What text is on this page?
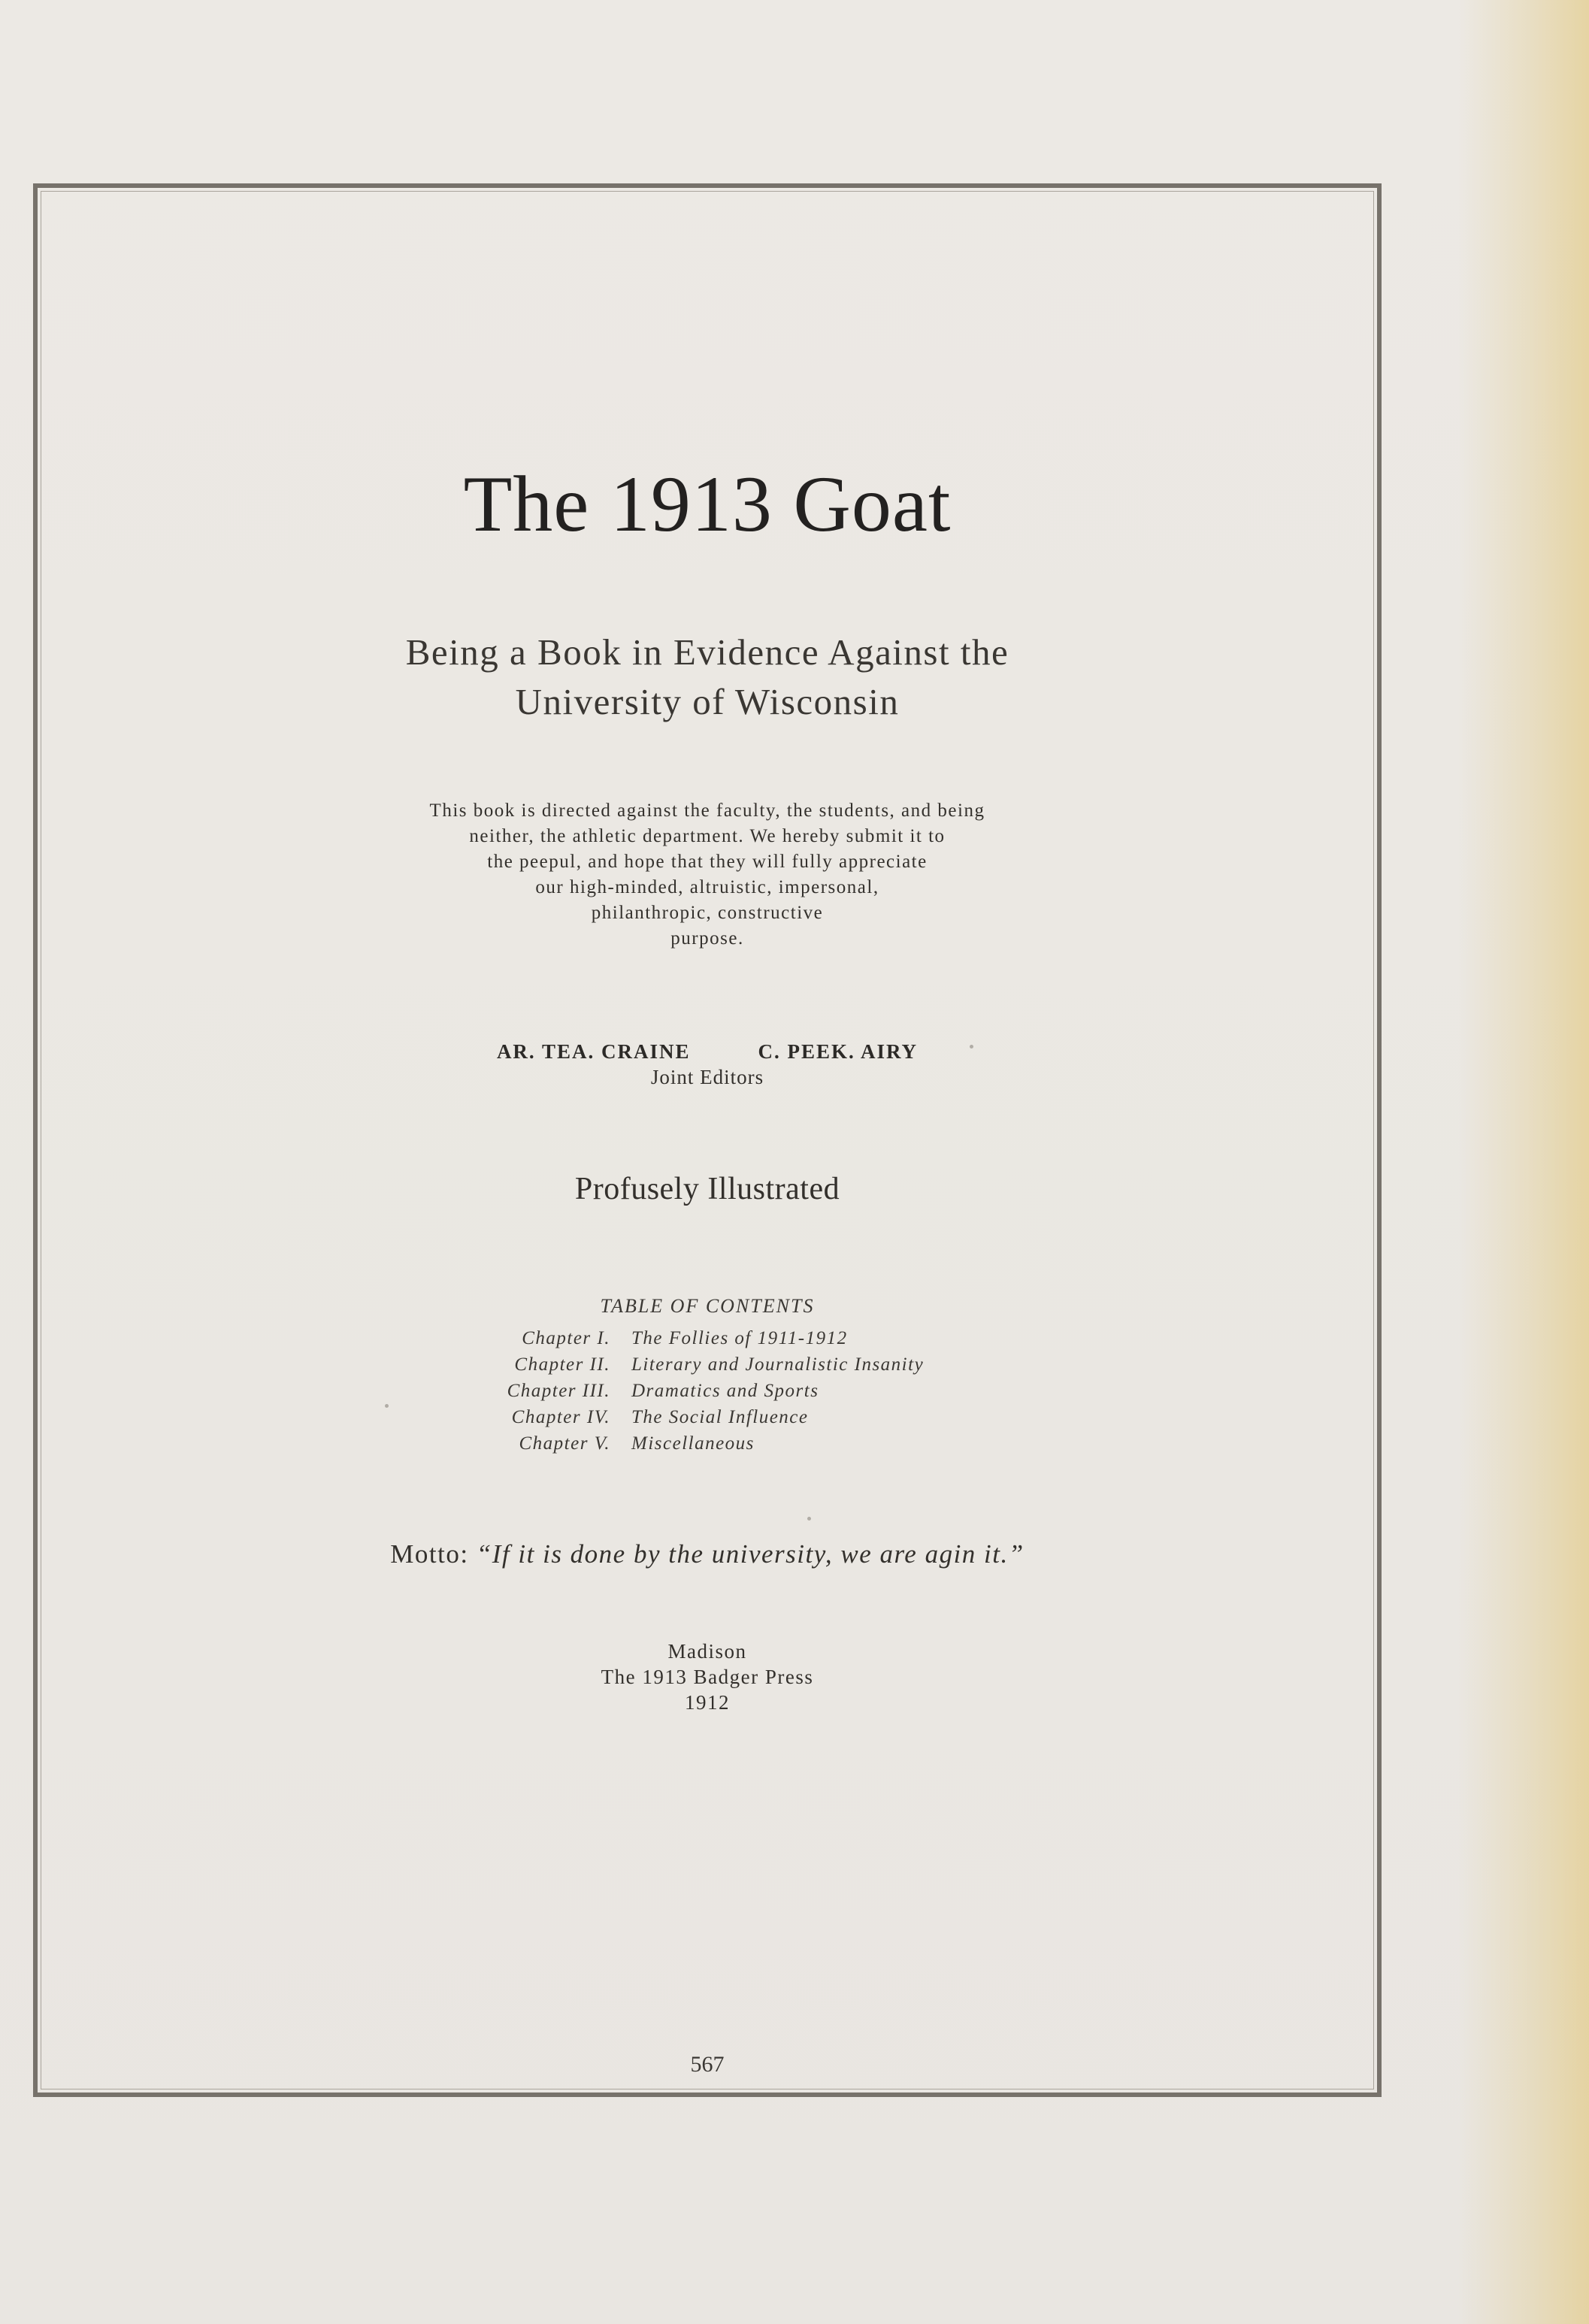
The 1913 Goat
Being a Book in Evidence Against the
University of Wisconsin
This book is directed against the faculty, the students, and being
neither, the athletic department. We hereby submit it to
the peepul, and hope that they will fully appreciate
our high-minded, altruistic, impersonal,
philanthropic, constructive
purpose.
AR. TEA. CRAINE	C. PEEK. AIRY
Joint Editors
Profusely Illustrated
TABLE OF CONTENTS
Chapter I.	The Follies of 1911-1912
Chapter II.	Literary and Journalistic Insanity
Chapter III.	Dramatics and Sports
Chapter IV.	The Social Influence
Chapter V.	Miscellaneous
Motto: “If it is done by the university, we are agin it.”
Madison
The 1913 Badger Press
1912
567
